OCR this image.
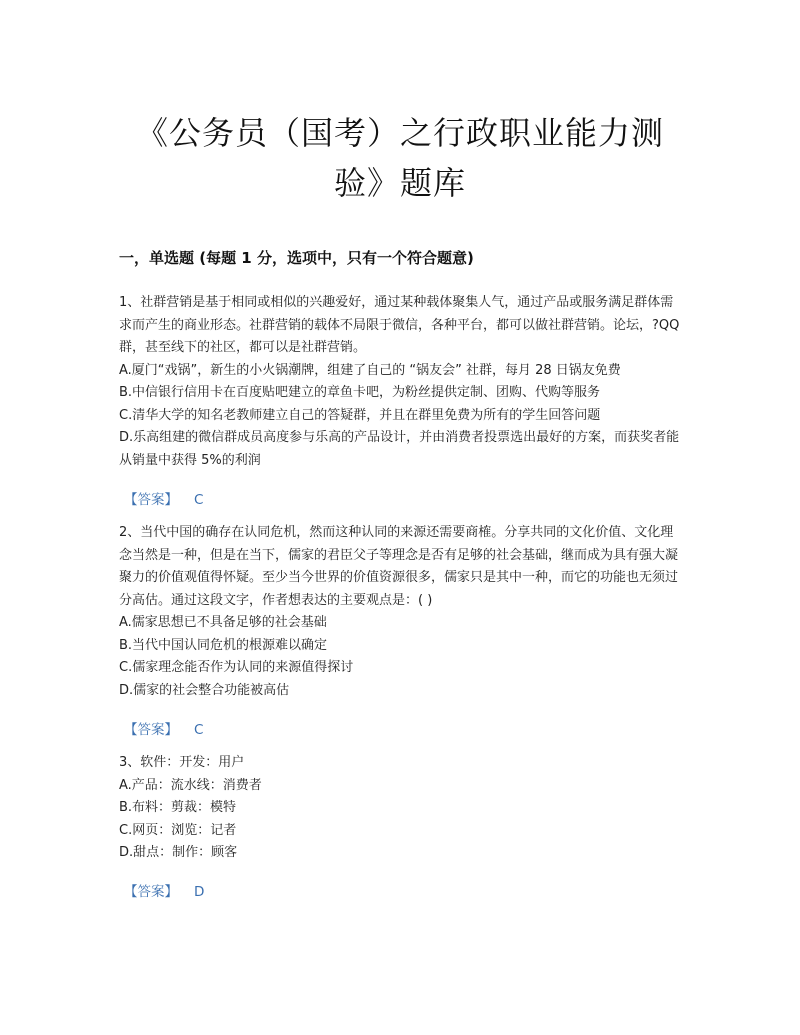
《公务员（国考）之行政职业能力测

验》题库

一，单选题 (每题 1 分，选项中，只有一个符合题意)

1、社群营销是基于相同或相似的兴趣爱好，通过某种载体聚集人气，通过产品或服务满足群体需求而产生的商业形态。社群营销的载体不局限于微信，各种平台，都可以做社群营销。论坛，?QQ 群，甚至线下的社区，都可以是社群营销。

A.厦门“戏锅”，新生的小火锅潮牌，组建了自己的 “锅友会” 社群，每月 28 日锅友免费

B.中信银行信用卡在百度贴吧建立的章鱼卡吧，为粉丝提供定制、团购、代购等服务

C.清华大学的知名老教师建立自己的答疑群，并且在群里免费为所有的学生回答问题

D.乐高组建的微信群成员高度参与乐高的产品设计，并由消费者投票选出最好的方案，而获奖者能从销量中获得 5%的利润

【答案】 C

2、当代中国的确存在认同危机，然而这种认同的来源还需要商榷。分享共同的文化价值、文化理念当然是一种，但是在当下，儒家的君臣父子等理念是否有足够的社会基础，继而成为具有强大凝聚力的价值观值得怀疑。至少当今世界的价值资源很多，儒家只是其中一种，而它的功能也无须过分高估。通过这段文字，作者想表达的主要观点是：( )

A.儒家思想已不具备足够的社会基础

B.当代中国认同危机的根源难以确定

C.儒家理念能否作为认同的来源值得探讨

D.儒家的社会整合功能被高估

【答案】 C

3、软件：开发：用户

A.产品：流水线：消费者

B.布料：剪裁：模特

C.网页：浏览：记者

D.甜点：制作：顾客

【答案】 D
